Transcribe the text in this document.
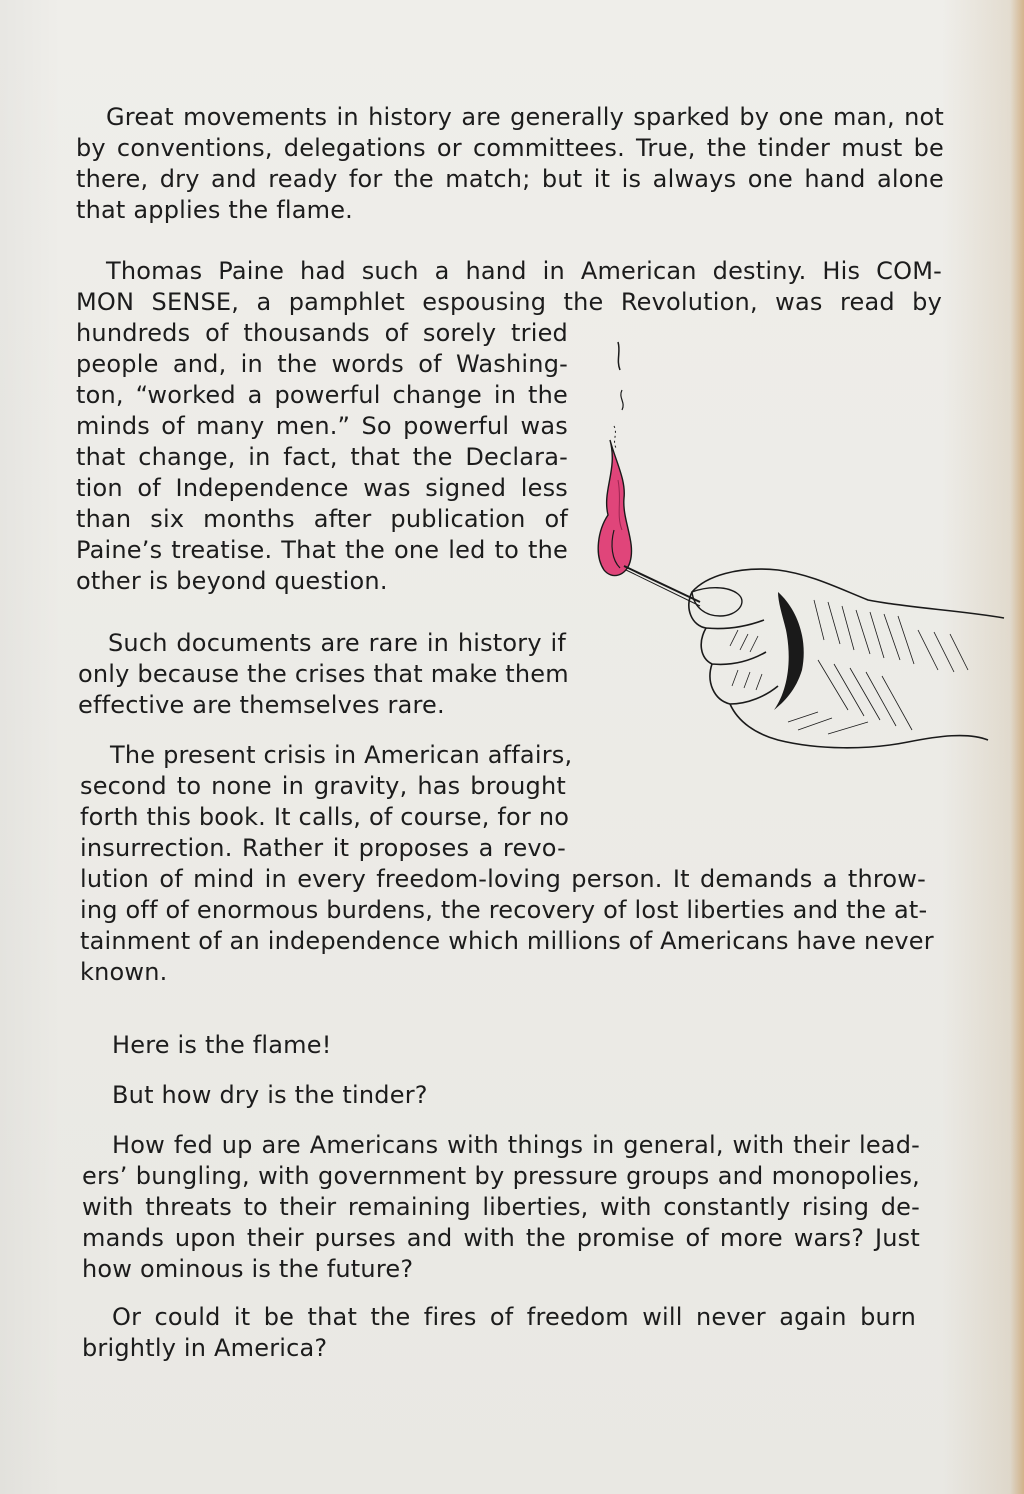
Great movements in history are generally sparked by one man, not
by conventions, delegations or committees. True, the tinder must be
there, dry and ready for the match; but it is always one hand alone
that applies the flame.
Thomas Paine had such a hand in American destiny. His COM-
MON SENSE, a pamphlet espousing the Revolution, was read by
hundreds of thousands of sorely tried
people and, in the words of Washing-
ton, “worked a powerful change in the
minds of many men.” So powerful was
that change, in fact, that the Declara-
tion of Independence was signed less
than six months after publication of
Paine’s treatise. That the one led to the
other is beyond question.
Such documents are rare in history if
only because the crises that make them
effective are themselves rare.
The present crisis in American affairs,
second to none in gravity, has brought
forth this book. It calls, of course, for no
insurrection. Rather it proposes a revo-
lution of mind in every freedom-loving person. It demands a throw-
ing off of enormous burdens, the recovery of lost liberties and the at-
tainment of an independence which millions of Americans have never
known.
Here is the flame!
But how dry is the tinder?
How fed up are Americans with things in general, with their lead-
ers’ bungling, with government by pressure groups and monopolies,
with threats to their remaining liberties, with constantly rising de-
mands upon their purses and with the promise of more wars? Just
how ominous is the future?
Or could it be that the fires of freedom will never again burn
brightly in America?
